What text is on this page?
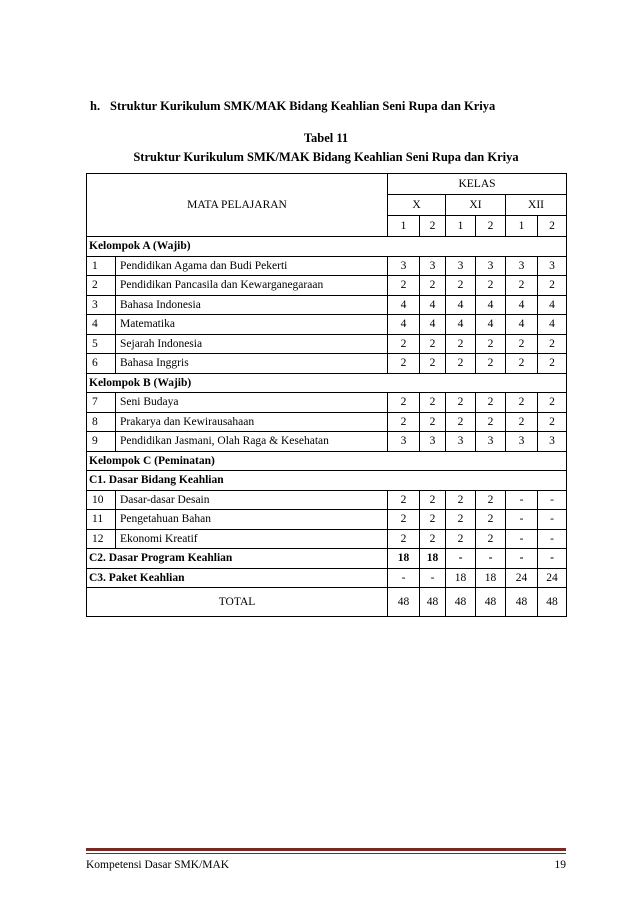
h. Struktur Kurikulum SMK/MAK Bidang Keahlian Seni Rupa dan Kriya
Tabel 11
Struktur Kurikulum SMK/MAK Bidang Keahlian Seni Rupa dan Kriya
MATA PELAJARAN		KELAS					
		X		XI		XII	
		1	2	1	2	1	2
Kelompok A (Wajib)							
1	Pendidikan Agama dan Budi Pekerti	3	3	3	3	3	3
2	Pendidikan Pancasila dan Kewarganegaraan	2	2	2	2	2	2
3	Bahasa Indonesia	4	4	4	4	4	4
4	Matematika	4	4	4	4	4	4
5	Sejarah Indonesia	2	2	2	2	2	2
6	Bahasa Inggris	2	2	2	2	2	2
Kelompok B (Wajib)							
7	Seni Budaya	2	2	2	2	2	2
8	Prakarya dan Kewirausahaan	2	2	2	2	2	2
9	Pendidikan Jasmani, Olah Raga & Kesehatan	3	3	3	3	3	3
Kelompok C (Peminatan)							
C1. Dasar Bidang Keahlian							
10	Dasar-dasar Desain	2	2	2	2	-	-
11	Pengetahuan Bahan	2	2	2	2	-	-
12	Ekonomi Kreatif	2	2	2	2	-	-
C2. Dasar Program Keahlian		18	18	-	-	-	-
C3. Paket Keahlian		-	-	18	18	24	24
TOTAL		48	48	48	48	48	48
Kompetensi Dasar SMK/MAK	19
